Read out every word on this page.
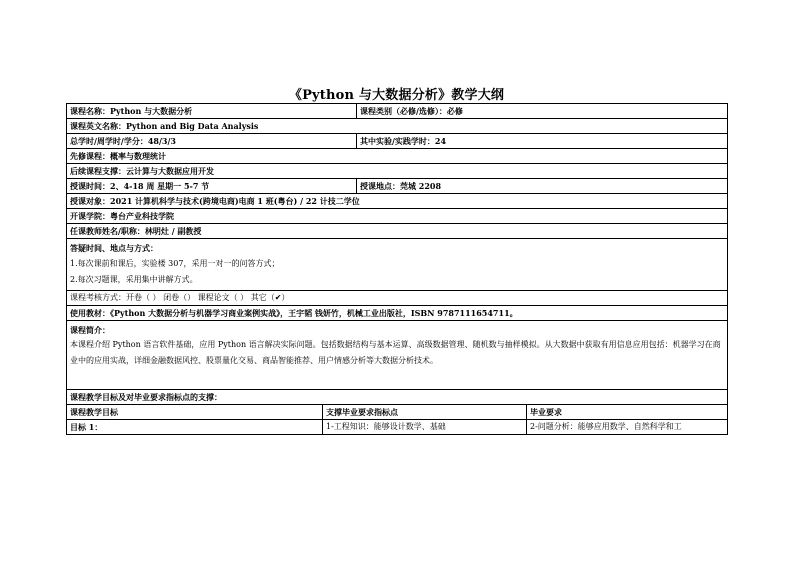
《Python 与大数据分析》教学大纲
课程名称：Python 与大数据分析		课程类别（必修/选修）：必修	
课程英文名称：Python and Big Data Analysis			
总学时/周学时/学分：48/3/3		其中实验/实践学时：24	
先修课程：概率与数理统计			
后续课程支撑：云计算与大数据应用开发			
授课时间：2、4-18 周 星期一 5-7 节		授课地点：莞城 2208	
授课对象：2021 计算机科学与技术(跨境电商)电商 1 班(粤台) / 22 计技二学位			
开课学院：粤台产业科技学院			
任课教师姓名/职称：林明灶 / 副教授			

答疑时间、地点与方式：
1.每次课前和课后，实验楼 307，采用一对一的问答方式；
2.每次习题课，采用集中讲解方式。			

课程考核方式：开卷（ ） 闭卷（） 课程论文（ ） 其它（✔）			
使用教材：《Python 大数据分析与机器学习商业案例实战》，王宇韬 钱妍竹，机械工业出版社，ISBN 9787111654711。			

课程简介：
本课程介绍 Python 语言软件基础，应用 Python 语言解决实际问题。包括数据结构与基本运算、高级数据管理、随机数与抽样模拟。从大数据中获取有用信息应用包括：机器学习在商业中的应用实战，详细金融数据风控、股票量化交易、商品智能推荐、用户情感分析等大数据分析技术。			

课程教学目标及对毕业要求指标点的支撑：			
课程教学目标	支撑毕业要求指标点		毕业要求
目标 1：	1-工程知识：能够设计数学、基础		2-问题分析：能够应用数学、自然科学和工
